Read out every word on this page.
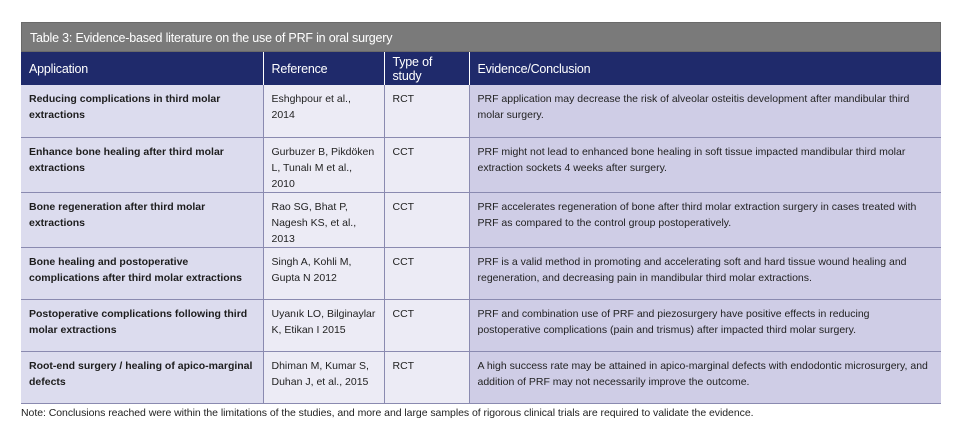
Table 3: Evidence-based literature on the use of PRF in oral surgery
Application	Reference	Type of study	Evidence/Conclusion
Reducing complications in third molar extractions	Eshghpour et al., 2014	RCT	PRF application may decrease the risk of alveolar osteitis development after mandibular third molar surgery.
Enhance bone healing after third molar extractions	Gurbuzer B, Pikdöken L, Tunalı M et al., 2010	CCT	PRF might not lead to enhanced bone healing in soft tissue impacted mandibular third molar extraction sockets 4 weeks after surgery.
Bone regeneration after third molar extractions	Rao SG, Bhat P, Nagesh KS, et al., 2013	CCT	PRF accelerates regeneration of bone after third molar extraction surgery in cases treated with PRF as compared to the control group postoperatively.
Bone healing and postoperative complications after third molar extractions	Singh A, Kohli M, Gupta N 2012	CCT	PRF is a valid method in promoting and accelerating soft and hard tissue wound healing and regeneration, and decreasing pain in mandibular third molar extractions.
Postoperative complications following third molar extractions	Uyanık LO, Bilginaylar K, Etikan I 2015	CCT	PRF and combination use of PRF and piezosurgery have positive effects in reducing postoperative complications (pain and trismus) after impacted third molar surgery.
Root-end surgery / healing of apico-marginal defects	Dhiman M, Kumar S, Duhan J, et al., 2015	RCT	A high success rate may be attained in apico-marginal defects with endodontic microsurgery, and addition of PRF may not necessarily improve the outcome.
Note: Conclusions reached were within the limitations of the studies, and more and large samples of rigorous clinical trials are required to validate the evidence.
